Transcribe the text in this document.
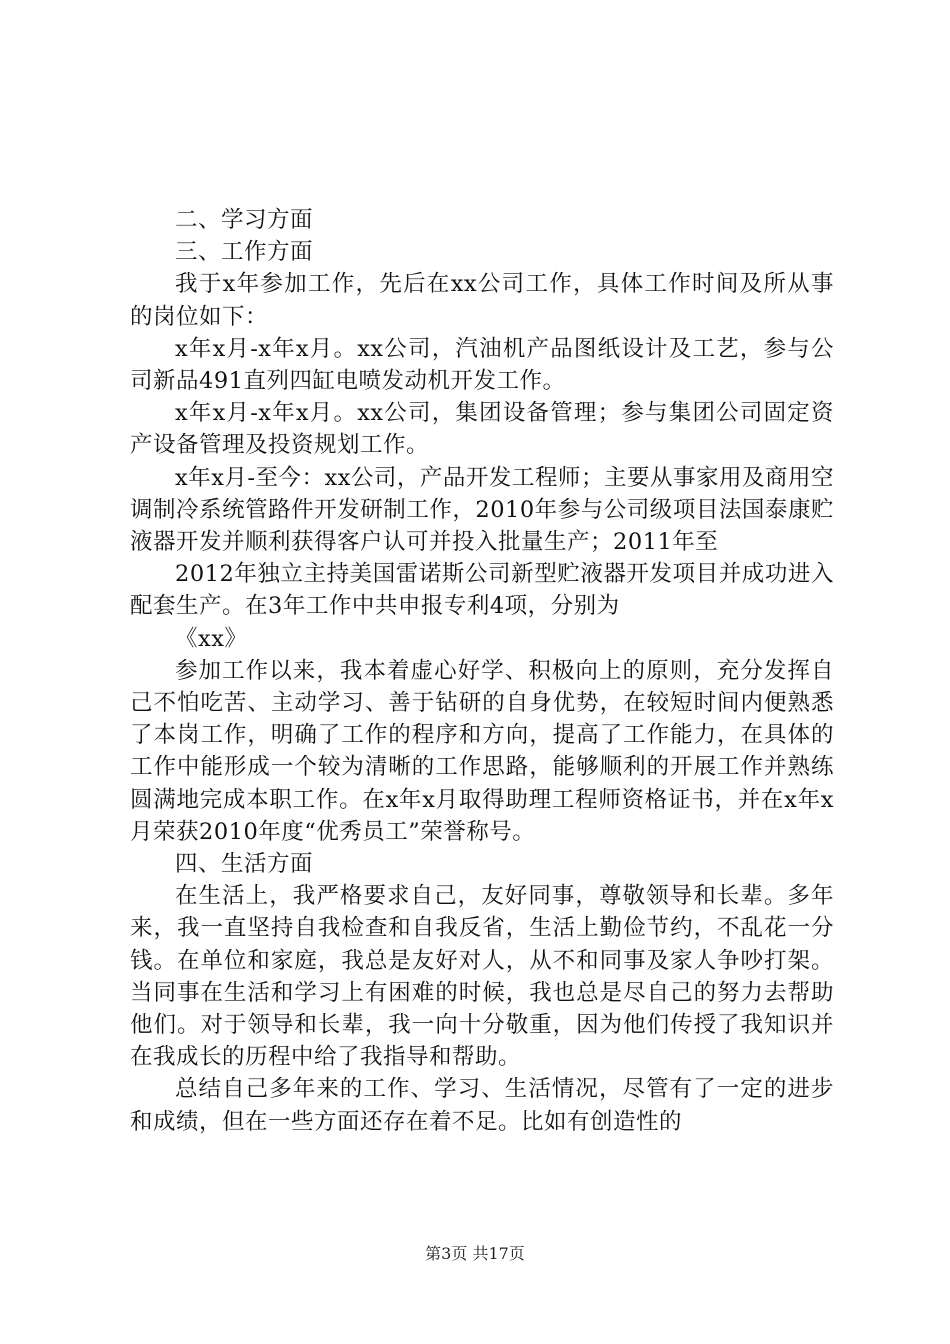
二、学习方面

三、工作方面

我于x年参加工作，先后在xx公司工作，具体工作时间及所从事的岗位如下：

x年x月-x年x月。xx公司，汽油机产品图纸设计及工艺，参与公司新品491直列四缸电喷发动机开发工作。

x年x月-x年x月。xx公司，集团设备管理；参与集团公司固定资产设备管理及投资规划工作。

x年x月-至今：xx公司，产品开发工程师；主要从事家用及商用空调制冷系统管路件开发研制工作，2010年参与公司级项目法国泰康贮液器开发并顺利获得客户认可并投入批量生产；2011年至

2012年独立主持美国雷诺斯公司新型贮液器开发项目并成功进入配套生产。在3年工作中共申报专利4项，分别为

《xx》

参加工作以来，我本着虚心好学、积极向上的原则，充分发挥自己不怕吃苦、主动学习、善于钻研的自身优势，在较短时间内便熟悉了本岗工作，明确了工作的程序和方向，提高了工作能力，在具体的工作中能形成一个较为清晰的工作思路，能够顺利的开展工作并熟练圆满地完成本职工作。在x年x月取得助理工程师资格证书，并在x年x月荣获2010年度“优秀员工”荣誉称号。

四、生活方面

在生活上，我严格要求自己，友好同事，尊敬领导和长辈。多年来，我一直坚持自我检查和自我反省，生活上勤俭节约，不乱花一分钱。在单位和家庭，我总是友好对人，从不和同事及家人争吵打架。当同事在生活和学习上有困难的时候，我也总是尽自己的努力去帮助他们。对于领导和长辈，我一向十分敬重，因为他们传授了我知识并在我成长的历程中给了我指导和帮助。

总结自己多年来的工作、学习、生活情况，尽管有了一定的进步和成绩，但在一些方面还存在着不足。比如有创造性的

第3页 共17页
